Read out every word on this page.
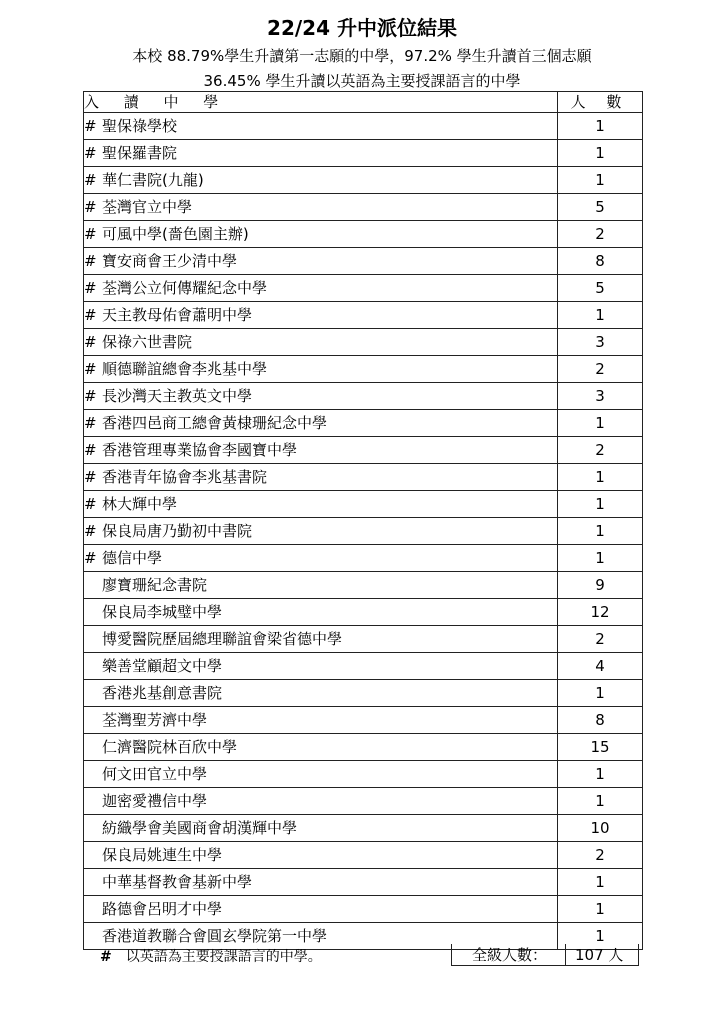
22/24 升中派位結果
本校 88.79%學生升讀第一志願的中學，97.2% 學生升讀首三個志願
36.45% 學生升讀以英語為主要授課語言的中學
入 讀 中 學	人 數
# 聖保祿學校	1
# 聖保羅書院	1
# 華仁書院(九龍)	1
# 荃灣官立中學	5
# 可風中學(嗇色園主辦)	2
# 寶安商會王少清中學	8
# 荃灣公立何傳耀紀念中學	5
# 天主教母佑會蕭明中學	1
# 保祿六世書院	3
# 順德聯誼總會李兆基中學	2
# 長沙灣天主教英文中學	3
# 香港四邑商工總會黃棣珊紀念中學	1
# 香港管理專業協會李國寶中學	2
# 香港青年協會李兆基書院	1
# 林大輝中學	1
# 保良局唐乃勤初中書院	1
# 德信中學	1
廖寶珊紀念書院	9
保良局李城璧中學	12
博愛醫院歷屆總理聯誼會梁省德中學	2
樂善堂顧超文中學	4
香港兆基創意書院	1
荃灣聖芳濟中學	8
仁濟醫院林百欣中學	15
何文田官立中學	1
迦密愛禮信中學	1
紡織學會美國商會胡漢輝中學	10
保良局姚連生中學	2
中華基督教會基新中學	1
路德會呂明才中學	1
香港道教聯合會圓玄學院第一中學	1
# 以英語為主要授課語言的中學。	全級人數： 107 人
